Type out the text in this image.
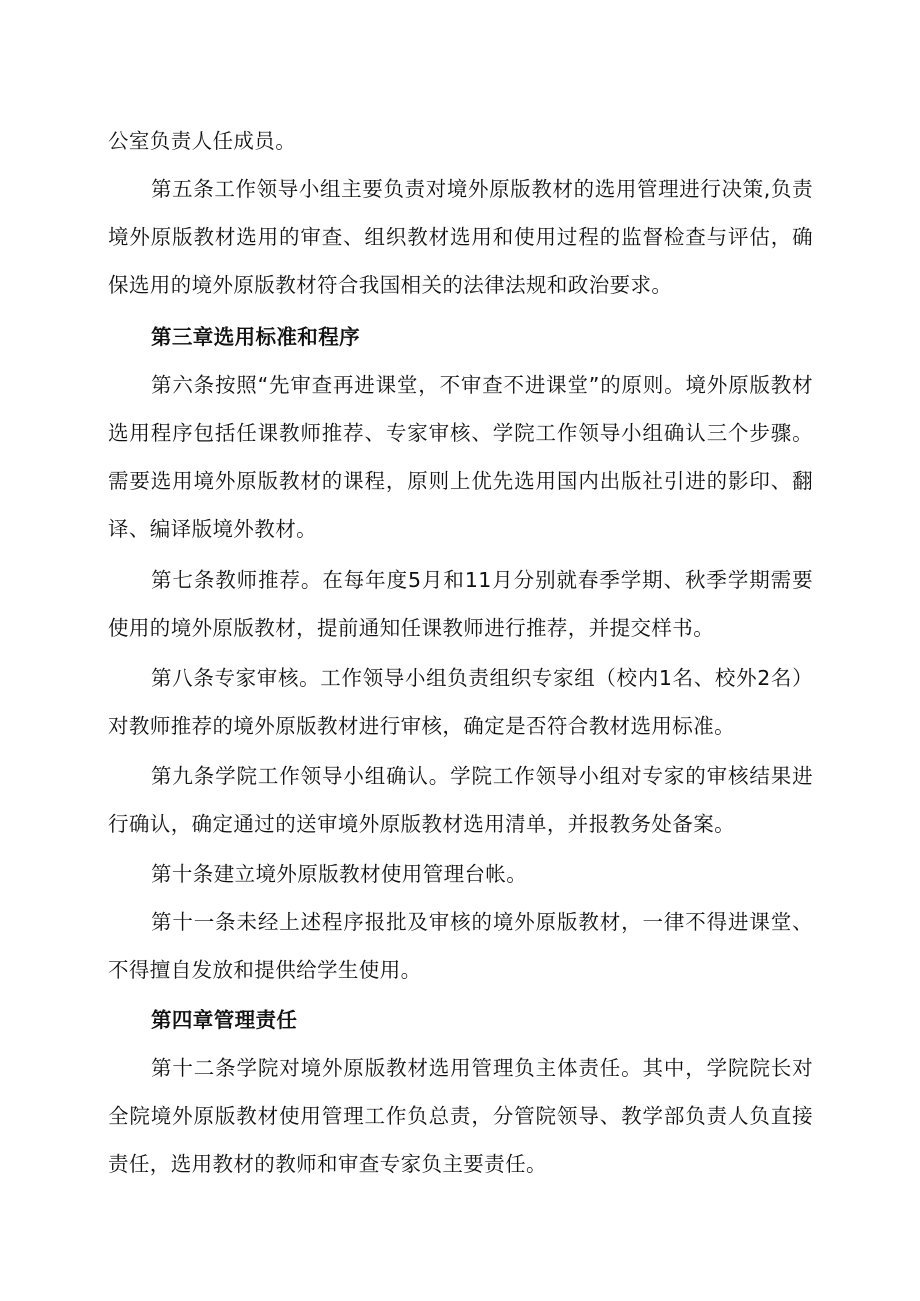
公室负责人任成员。

第五条工作领导小组主要负责对境外原版教材的选用管理进行决策,负责境外原版教材选用的审查、组织教材选用和使用过程的监督检查与评估，确保选用的境外原版教材符合我国相关的法律法规和政治要求。

第三章选用标准和程序

第六条按照“先审查再进课堂，不审查不进课堂”的原则。境外原版教材选用程序包括任课教师推荐、专家审核、学院工作领导小组确认三个步骤。需要选用境外原版教材的课程，原则上优先选用国内出版社引进的影印、翻译、编译版境外教材。

第七条教师推荐。在每年度5月和11月分别就春季学期、秋季学期需要使用的境外原版教材，提前通知任课教师进行推荐，并提交样书。

第八条专家审核。工作领导小组负责组织专家组（校内1名、校外2名）对教师推荐的境外原版教材进行审核，确定是否符合教材选用标准。

第九条学院工作领导小组确认。学院工作领导小组对专家的审核结果进行确认，确定通过的送审境外原版教材选用清单，并报教务处备案。

第十条建立境外原版教材使用管理台帐。

第十一条未经上述程序报批及审核的境外原版教材，一律不得进课堂、不得擅自发放和提供给学生使用。

第四章管理责任

第十二条学院对境外原版教材选用管理负主体责任。其中，学院院长对全院境外原版教材使用管理工作负总责，分管院领导、教学部负责人负直接责任，选用教材的教师和审查专家负主要责任。
